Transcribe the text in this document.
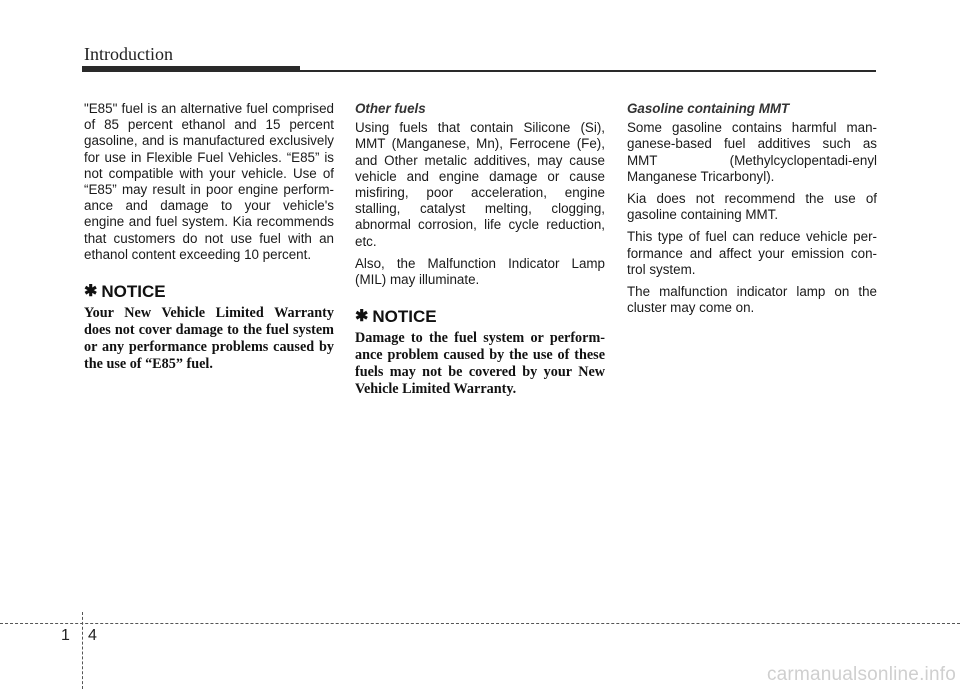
Introduction

"E85" fuel is an alternative fuel comprised of 85 percent ethanol and 15 percent gasoline, and is manufactured exclusively for use in Flexible Fuel Vehicles. “E85” is not compatible with your vehicle. Use of “E85” may result in poor engine perform- ance and damage to your vehicle's engine and fuel system. Kia recommends that customers do not use fuel with an ethanol content exceeding 10 percent.

✱ NOTICE

Your New Vehicle Limited Warranty does not cover damage to the fuel system or any performance problems caused by the use of “E85” fuel.

Other fuels

Using fuels that contain Silicone (Si), MMT (Manganese, Mn), Ferrocene (Fe), and Other metalic additives, may cause vehicle and engine damage or cause misfiring, poor acceleration, engine stalling, catalyst melting, clogging, abnormal corrosion, life cycle reduction, etc.

Also, the Malfunction Indicator Lamp (MIL) may illuminate.

✱ NOTICE

Damage to the fuel system or perform- ance problem caused by the use of these fuels may not be covered by your New Vehicle Limited Warranty.

Gasoline containing MMT

Some gasoline contains harmful man- ganese-based fuel additives such as MMT (Methylcyclopentadi-enyl Manganese Tricarbonyl).

Kia does not recommend the use of gasoline containing MMT.

This type of fuel can reduce vehicle per- formance and affect your emission con- trol system.

The malfunction indicator lamp on the cluster may come on.

1 4
carmanualsonline.info
